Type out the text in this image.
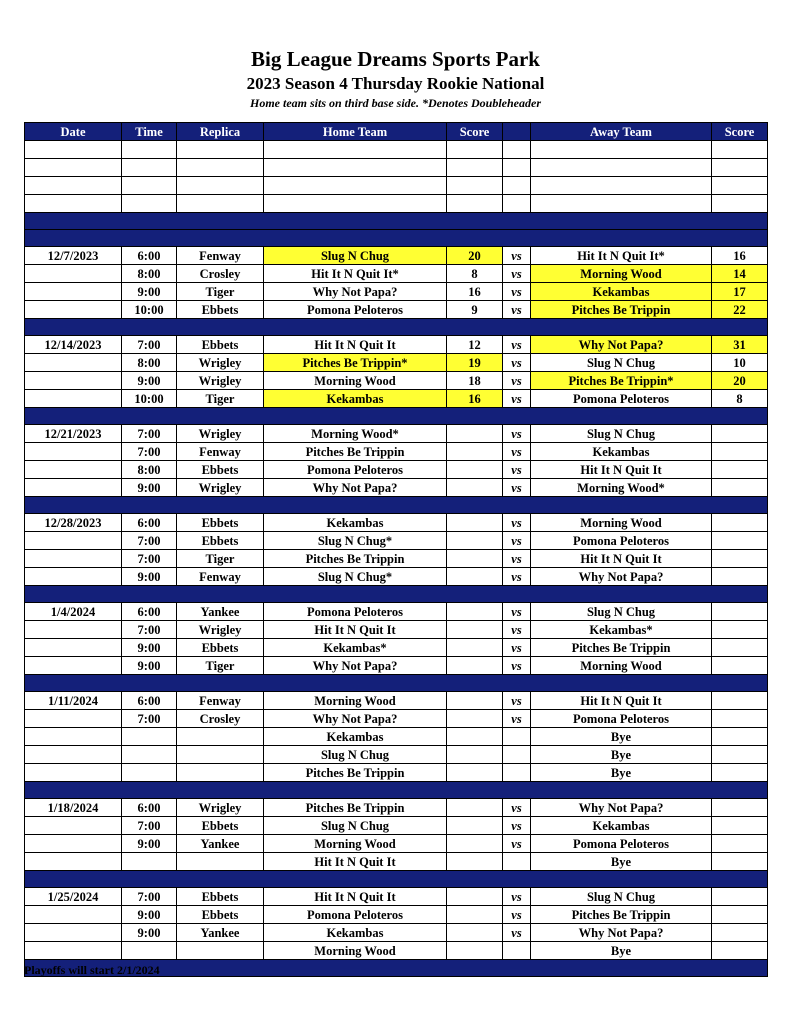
Big League Dreams Sports Park
2023 Season 4 Thursday Rookie National
Home team sits on third base side. *Denotes Doubleheader
Date	Time	Replica	Home Team	Score		Away Team	Score

12/7/2023	6:00	Fenway	Slug N Chug	20	vs	Hit It N Quit It*	16
	8:00	Crosley	Hit It N Quit It*	8	vs	Morning Wood	14
	9:00	Tiger	Why Not Papa?	16	vs	Kekambas	17
	10:00	Ebbets	Pomona Peloteros	9	vs	Pitches Be Trippin	22

12/14/2023	7:00	Ebbets	Hit It N Quit It	12	vs	Why Not Papa?	31
	8:00	Wrigley	Pitches Be Trippin*	19	vs	Slug N Chug	10
	9:00	Wrigley	Morning Wood	18	vs	Pitches Be Trippin*	20
	10:00	Tiger	Kekambas	16	vs	Pomona Peloteros	8

12/21/2023	7:00	Wrigley	Morning Wood*		vs	Slug N Chug	
	7:00	Fenway	Pitches Be Trippin		vs	Kekambas	
	8:00	Ebbets	Pomona Peloteros		vs	Hit It N Quit It	
	9:00	Wrigley	Why Not Papa?		vs	Morning Wood*	

12/28/2023	6:00	Ebbets	Kekambas		vs	Morning Wood	
	7:00	Ebbets	Slug N Chug*		vs	Pomona Peloteros	
	7:00	Tiger	Pitches Be Trippin		vs	Hit It N Quit It	
	9:00	Fenway	Slug N Chug*		vs	Why Not Papa?	

1/4/2024	6:00	Yankee	Pomona Peloteros		vs	Slug N Chug	
	7:00	Wrigley	Hit It N Quit It		vs	Kekambas*	
	9:00	Ebbets	Kekambas*		vs	Pitches Be Trippin	
	9:00	Tiger	Why Not Papa?		vs	Morning Wood	

1/11/2024	6:00	Fenway	Morning Wood		vs	Hit It N Quit It	
	7:00	Crosley	Why Not Papa?		vs	Pomona Peloteros	
			Kekambas			Bye	
			Slug N Chug			Bye	
			Pitches Be Trippin			Bye	

1/18/2024	6:00	Wrigley	Pitches Be Trippin		vs	Why Not Papa?	
	7:00	Ebbets	Slug N Chug		vs	Kekambas	
	9:00	Yankee	Morning Wood		vs	Pomona Peloteros	
			Hit It N Quit It			Bye	

1/25/2024	7:00	Ebbets	Hit It N Quit It		vs	Slug N Chug	
	9:00	Ebbets	Pomona Peloteros		vs	Pitches Be Trippin	
	9:00	Yankee	Kekambas		vs	Why Not Papa?	
			Morning Wood			Bye	

Playoffs will start 2/1/2024
